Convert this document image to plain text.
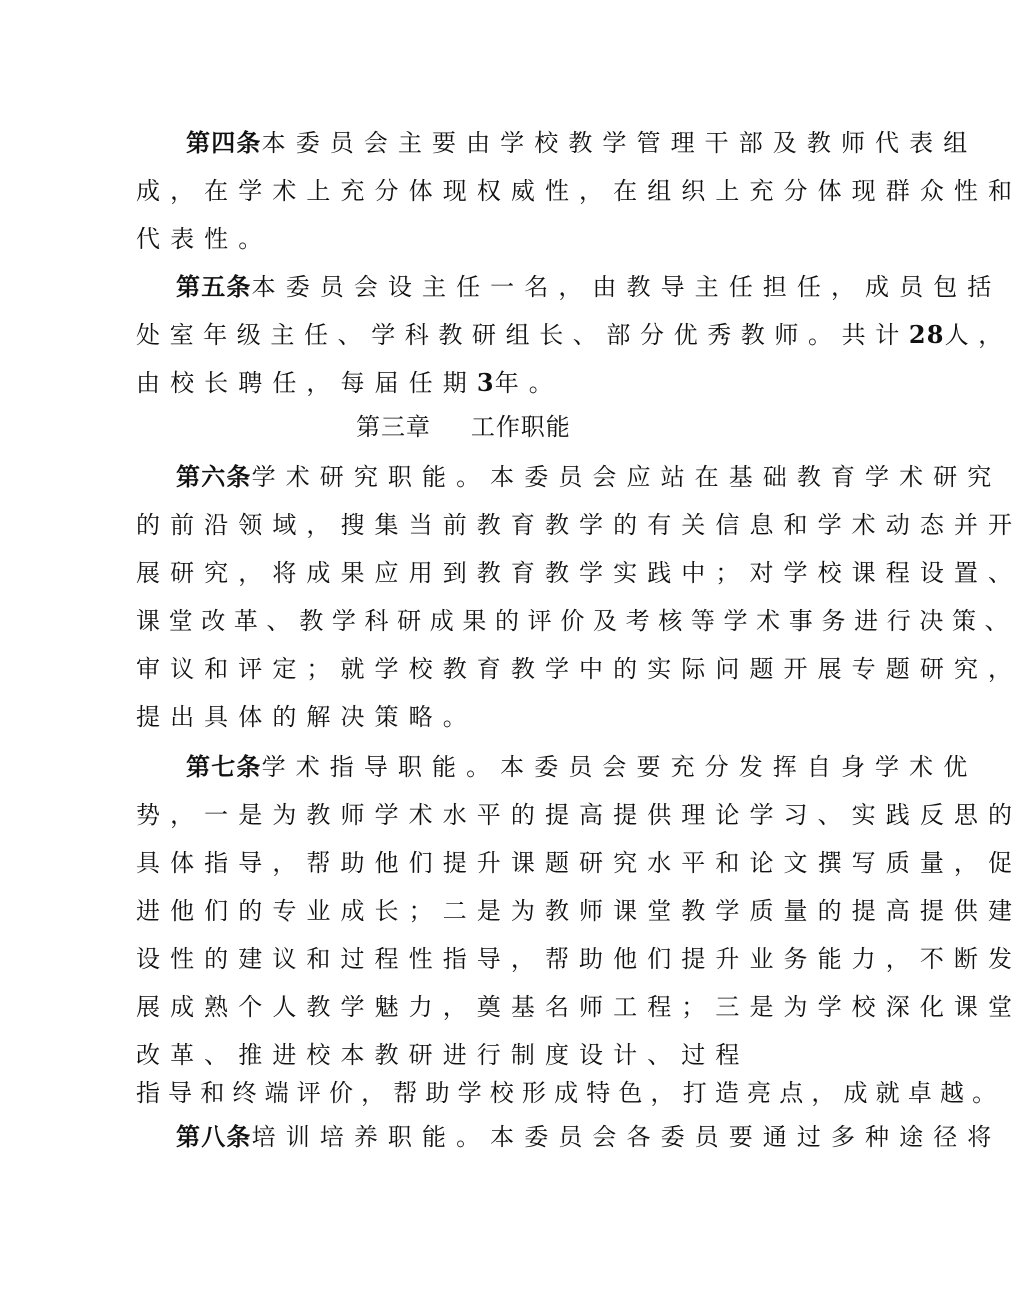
第四条本委员会主要由学校教学管理干部及教师代表组
成，在学术上充分体现权威性，在组织上充分体现群众性和
代表性。
第五条本委员会设主任一名，由教导主任担任，成员包括
处室年级主任、学科教研组长、部分优秀教师。共计28人，
由校长聘任，每届任期3年。
第三章 工作职能
第六条学术研究职能。本委员会应站在基础教育学术研究
的前沿领域，搜集当前教育教学的有关信息和学术动态并开
展研究，将成果应用到教育教学实践中；对学校课程设置、
课堂改革、教学科研成果的评价及考核等学术事务进行决策、
审议和评定；就学校教育教学中的实际问题开展专题研究，
提出具体的解决策略。
第七条学术指导职能。本委员会要充分发挥自身学术优
势，一是为教师学术水平的提高提供理论学习、实践反思的
具体指导，帮助他们提升课题研究水平和论文撰写质量，促
进他们的专业成长；二是为教师课堂教学质量的提高提供建
设性的建议和过程性指导，帮助他们提升业务能力，不断发
展成熟个人教学魅力，奠基名师工程；三是为学校深化课堂
改革、推进校本教研进行制度设计、过程
指导和终端评价，帮助学校形成特色，打造亮点，成就卓越。
第八条培训培养职能。本委员会各委员要通过多种途径将
